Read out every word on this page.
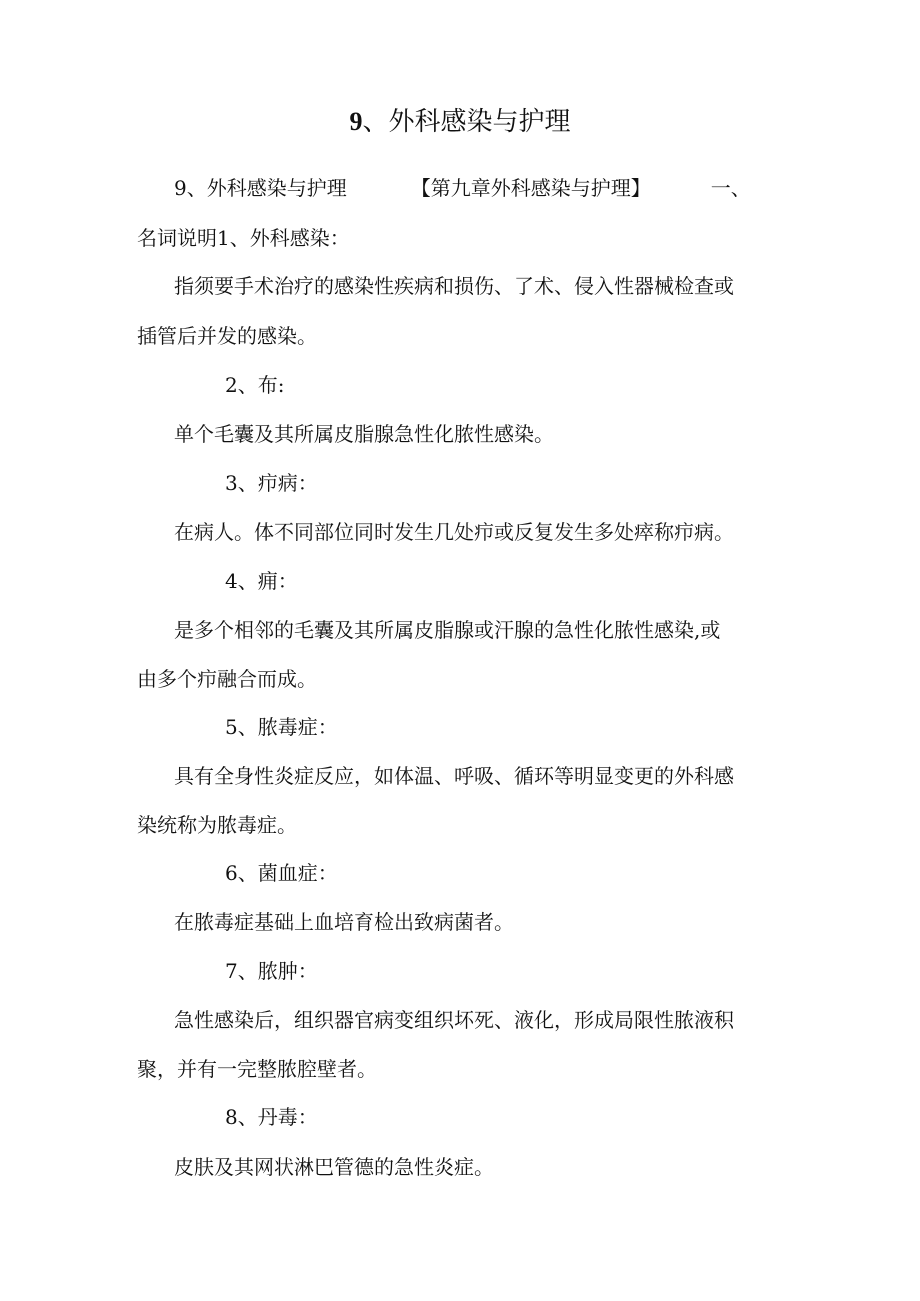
9、外科感染与护理

9、外科感染与护理	【第九章外科感染与护理】	一、

名词说明1、外科感染：

指须要手术治疗的感染性疾病和损伤、了术、侵入性器械检查或

插管后并发的感染。

2、布:

单个毛囊及其所属皮脂腺急性化脓性感染。

3、疖病：

在病人。体不同部位同时发生几处疖或反复发生多处瘁称疖病。

4、痈：

是多个相邻的毛囊及其所属皮脂腺或汗腺的急性化脓性感染,或

由多个疖融合而成。

5、脓毒症：

具有全身性炎症反应，如体温、呼吸、循环等明显变更的外科感

染统称为脓毒症。

6、菌血症：

在脓毒症基础上血培育检出致病菌者。

7、脓肿：

急性感染后，组织器官病变组织坏死、液化，形成局限性脓液积

聚，并有一完整脓腔壁者。

8、丹毒：

皮肤及其网状淋巴管德的急性炎症。
